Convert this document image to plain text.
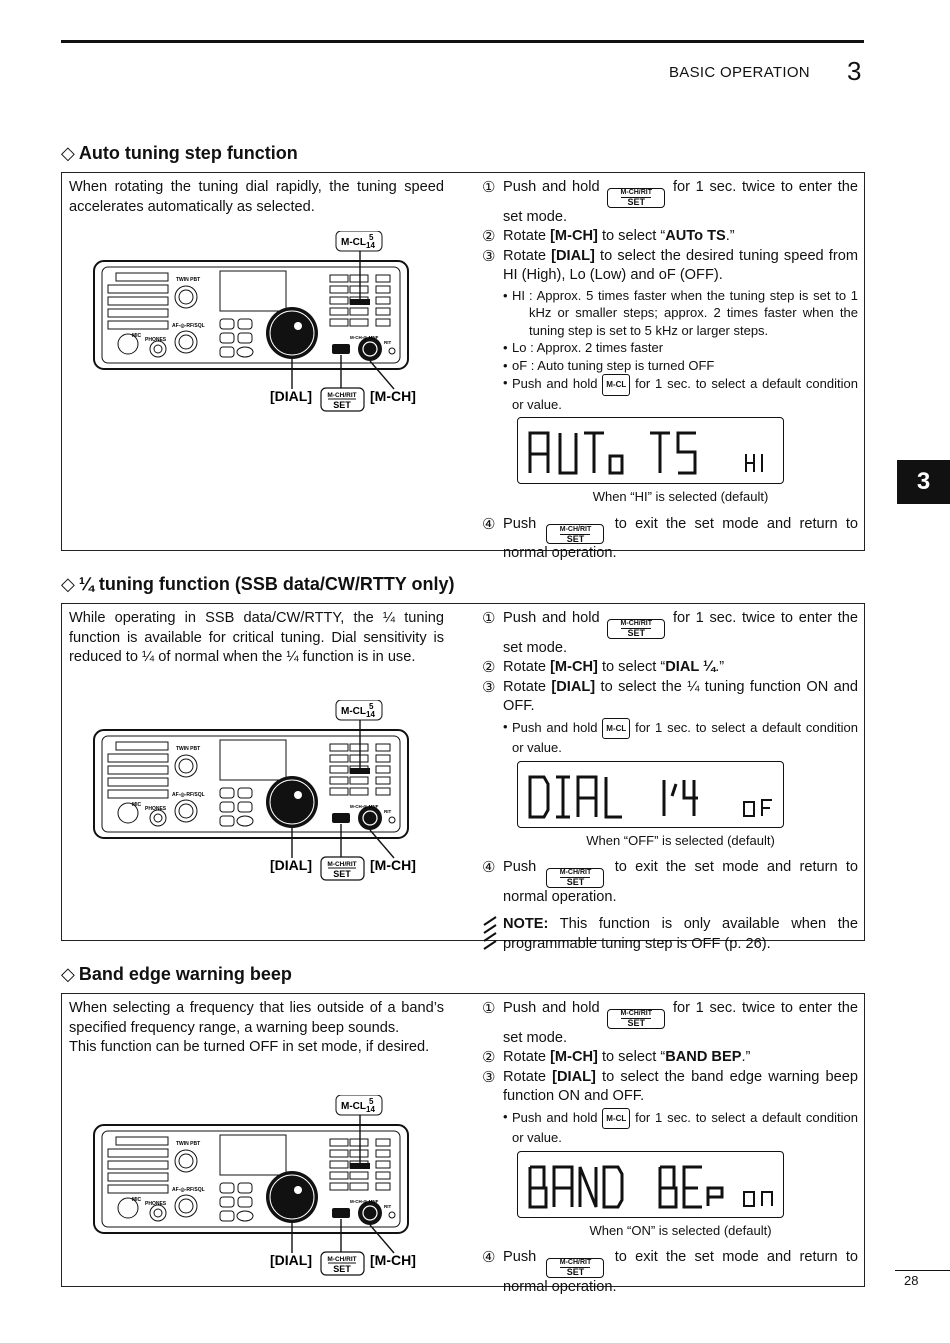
BASIC OPERATION 3
3
28
◇ Auto tuning step function
When rotating the tuning dial rapidly, the tuning speed accelerates automatically as selected.
TWIN PBT
AF-◎-RF/SQL
MIC
PHONES	M-CH-◎-MNF
RIT
M-CL 5
14
[DIAL] M-CH/RIT
SET
[M-CH]
① Push and hold	M-CH/RIT
SET
for 1 sec. twice to enter the set mode.
② Rotate [M-CH] to select “AUTo TS.”
③ Rotate [DIAL] to select the desired tuning speed from HI (High), Lo (Low) and oF (OFF).
• HI : Approx. 5 times faster when the tuning step is set to 1 kHz or smaller steps; approx. 2 times faster when the tuning step is set to 5 kHz or larger steps.
• Lo : Approx. 2 times faster
• oF : Auto tuning step is turned OFF
• Push and hold M-CL for 1 sec. to select a default condition or value.
When “HI” is selected (default)
④ Push	M-CH/RIT
SET
to exit the set mode and return to normal operation.
◇ ¼ tuning function (SSB data/CW/RTTY only)
While operating in SSB data/CW/RTTY, the ¼ tuning function is available for critical tuning. Dial sensitivity is reduced to ¼ of normal when the ¼ function is in use.
TWIN PBT
AF-◎-RF/SQL
MIC
PHONES	M-CH-◎-MNF
RIT
M-CL 5
14
[DIAL] M-CH/RIT
SET
[M-CH]
① Push and hold	M-CH/RIT
SET
for 1 sec. twice to enter the set mode.
② Rotate [M-CH] to select “DIAL ¼.”
③ Rotate [DIAL] to select the ¼ tuning function ON and OFF.
• Push and hold M-CL for 1 sec. to select a default condition or value.
When “OFF” is selected (default)
④ Push	M-CH/RIT
SET
to exit the set mode and return to normal operation.
NOTE: This function is only available when the programmable tuning step is OFF (p. 26).
◇ Band edge warning beep
When selecting a frequency that lies outside of a band’s specified frequency range, a warning beep sounds.
This function can be turned OFF in set mode, if desired.
TWIN PBT
AF-◎-RF/SQL
MIC
PHONES	M-CH-◎-MNF
RIT
M-CL 5
14
[DIAL] M-CH/RIT
SET
[M-CH]
① Push and hold	M-CH/RIT
SET
for 1 sec. twice to enter the set mode.
② Rotate [M-CH] to select “BAND BEP.”
③ Rotate [DIAL] to select the band edge warning beep function ON and OFF.
• Push and hold M-CL for 1 sec. to select a default condition or value.
When “ON” is selected (default)
④ Push	M-CH/RIT
SET
to exit the set mode and return to normal operation.
